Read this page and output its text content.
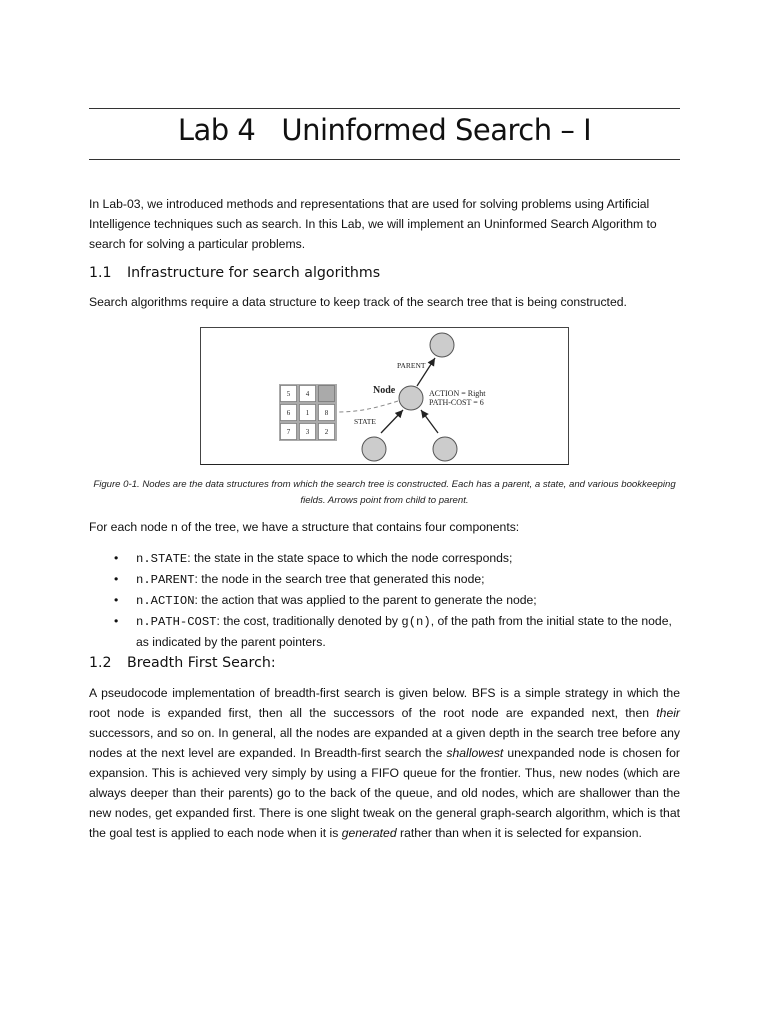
Lab 4 Uninformed Search – I
In Lab-03, we introduced methods and representations that are used for solving problems using Artificial Intelligence techniques such as search. In this Lab, we will implement an Uninformed Search Algorithm to search for solving a particular problems.
1.1 Infrastructure for search algorithms
Search algorithms require a data structure to keep track of the search tree that is being constructed.
5 4
6 1 8
7 3 2
PARENT
Node	ACTION = Right
PATH-COST = 6
STATE
Figure 0-1. Nodes are the data structures from which the search tree is constructed. Each has a parent, a state, and various bookkeeping fields. Arrows point from child to parent.
For each node n of the tree, we have a structure that contains four components:
• n.STATE: the state in the state space to which the node corresponds;
• n.PARENT: the node in the search tree that generated this node;
• n.ACTION: the action that was applied to the parent to generate the node;
• n.PATH-COST: the cost, traditionally denoted by g(n), of the path from the initial state to the node, as indicated by the parent pointers.
1.2 Breadth First Search:
A pseudocode implementation of breadth-first search is given below. BFS is a simple strategy in which the root node is expanded first, then all the successors of the root node are expanded next, then their successors, and so on. In general, all the nodes are expanded at a given depth in the search tree before any nodes at the next level are expanded. In Breadth-first search the shallowest unexpanded node is chosen for expansion. This is achieved very simply by using a FIFO queue for the frontier. Thus, new nodes (which are always deeper than their parents) go to the back of the queue, and old nodes, which are shallower than the new nodes, get expanded first. There is one slight tweak on the general graph-search algorithm, which is that the goal test is applied to each node when it is generated rather than when it is selected for expansion.
